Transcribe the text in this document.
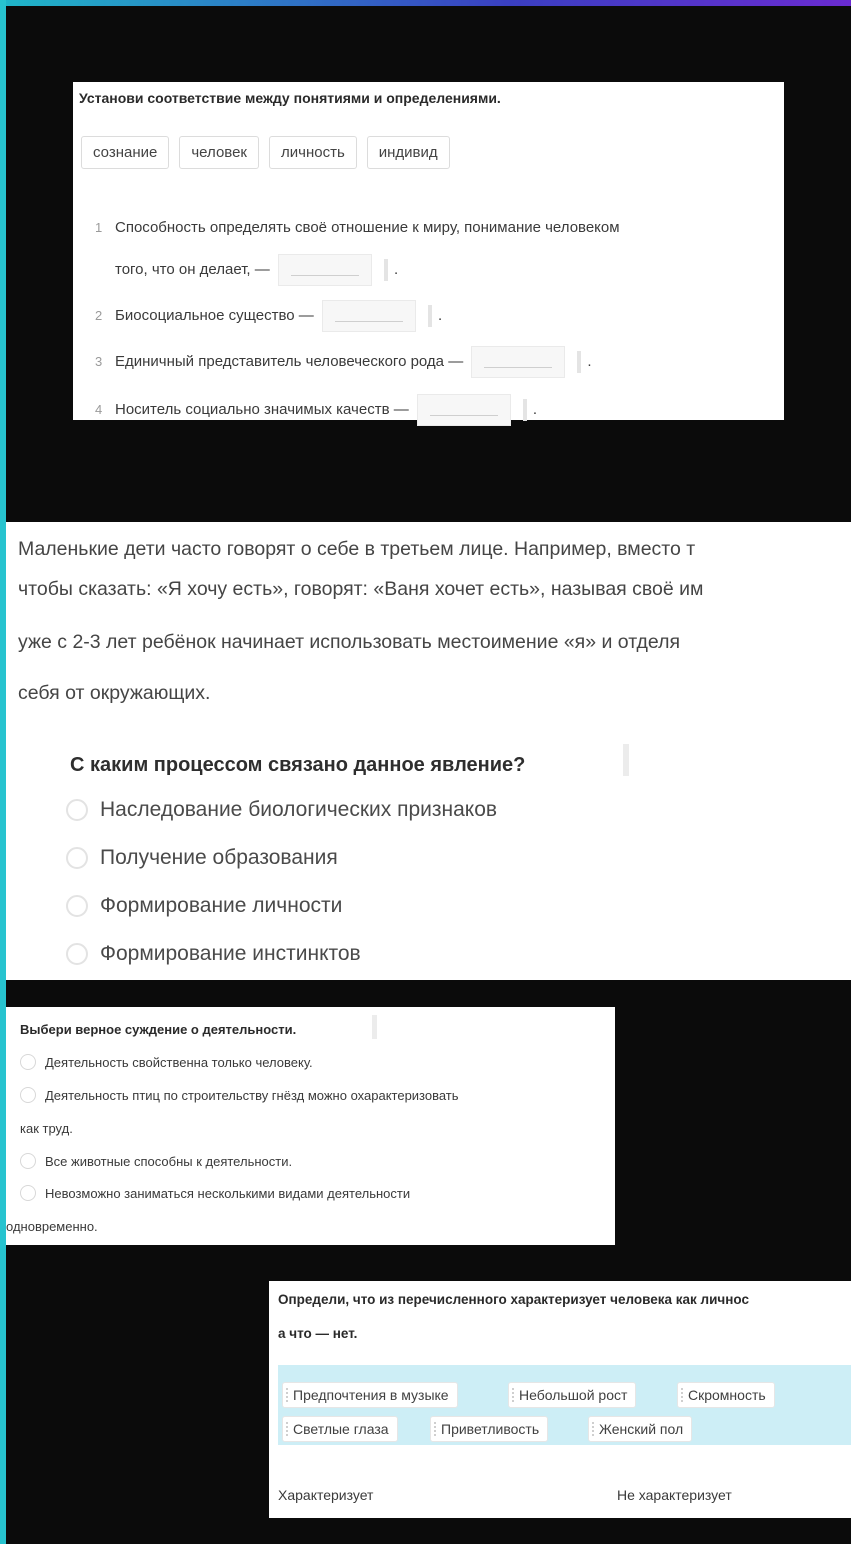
Установи соответствие между понятиями и определениями.
сознание	человек	личность	индивид
1 Способность определять своё отношение к миру, понимание человеком
того, что он делает, —	.
2 Биосоциальное существо —	.
3 Единичный представитель человеческого рода —	.
4 Носитель социально значимых качеств —	.
Маленькие дети часто говорят о себе в третьем лице. Например, вместо т
чтобы сказать: «Я хочу есть», говорят: «Ваня хочет есть», называя своё им
уже с 2-3 лет ребёнок начинает использовать местоимение «я» и отделя
себя от окружающих.
С каким процессом связано данное явление?
Наследование биологических признаков
Получение образования
Формирование личности
Формирование инстинктов
Выбери верное суждение о деятельности.
Деятельность свойственна только человеку.
Деятельность птиц по строительству гнёзд можно охарактеризовать
как труд.
Все животные способны к деятельности.
Невозможно заниматься несколькими видами деятельности
одновременно.
Определи, что из перечисленного характеризует человека как личнос
а что — нет.
Предпочтения в музыке	Небольшой рост	Скромность
Светлые глаза	Приветливость	Женский пол
Характеризует	Не характеризует
